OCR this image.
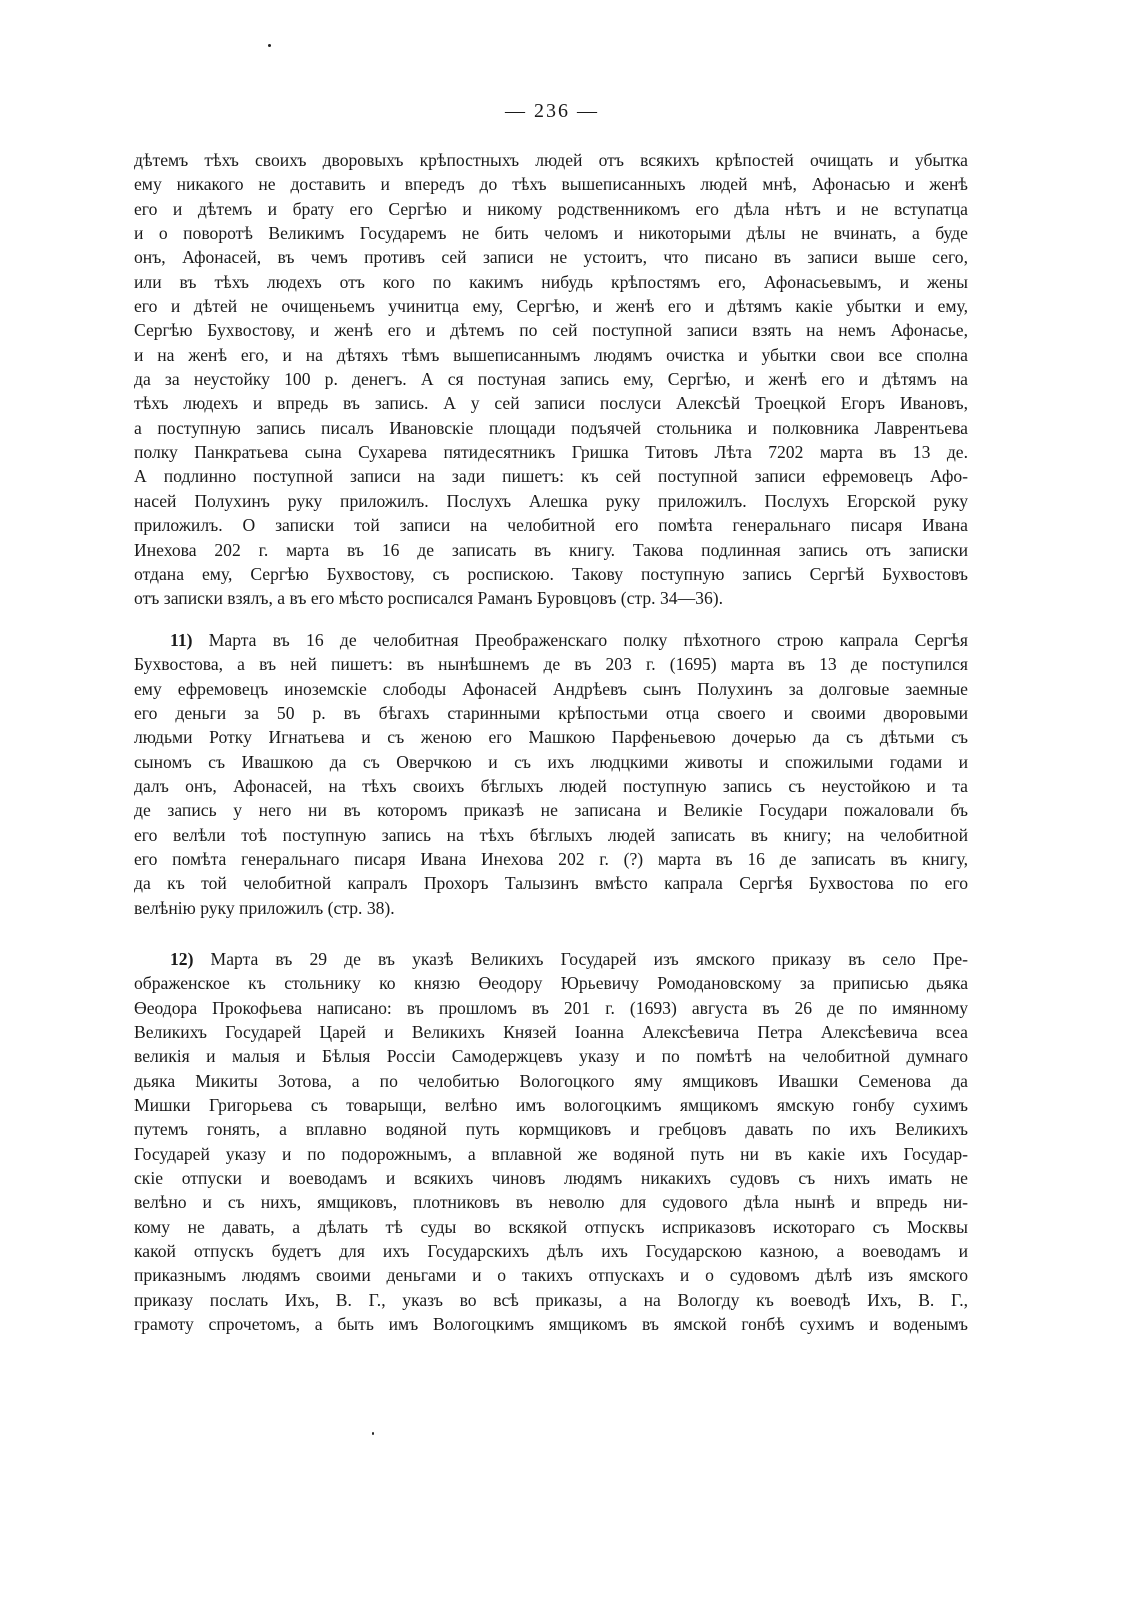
— 236 —
дѣтемъ тѣхъ своихъ дворовыхъ крѣпостныхъ людей отъ всякихъ крѣпостей очищать и убытка
ему никакого не доставить и впередъ до тѣхъ вышеписанныхъ людей мнѣ, Афонасью и женѣ
его и дѣтемъ и брату его Сергѣю и никому родственникомъ его дѣла нѣтъ и не вступатца
и о поворотѣ Великимъ Государемъ не бить челомъ и никоторыми дѣлы не вчинать, а буде
онъ, Афонасей, въ чемъ противъ сей записи не устоитъ, что писано въ записи выше сего,
или въ тѣхъ людехъ отъ кого по какимъ нибудь крѣпостямъ его, Афонасьевымъ, и жены
его и дѣтей не очищеньемъ учинитца ему, Сергѣю, и женѣ его и дѣтямъ какіе убытки и ему,
Сергѣю Бухвостову, и женѣ его и дѣтемъ по сей поступной записи взять на немъ Афонасье,
и на женѣ его, и на дѣтяхъ тѣмъ вышеписаннымъ людямъ очистка и убытки свои все сполна
да за неустойку 100 р. денегъ. А ся постуная запись ему, Сергѣю, и женѣ его и дѣтямъ на
тѣхъ людехъ и впредь въ запись. А у сей записи послуси Алексѣй Троецкой Егоръ Ивановъ,
а поступную запись писалъ Ивановскіе площади подъячей стольника и полковника Лаврентьева
полку Панкратьева сына Сухарева пятидесятникъ Гришка Титовъ Лѣта 7202 марта въ 13 де.
А подлинно поступной записи на зади пишетъ: къ сей поступной записи ефремовецъ Афо-
насей Полухинъ руку приложилъ. Послухъ Алешка руку приложилъ. Послухъ Егорской руку
приложилъ. О записки той записи на челобитной его помѣта генеральнаго писаря Ивана
Инехова 202 г. марта въ 16 де записать въ книгу. Такова подлинная запись отъ записки
отдана ему, Сергѣю Бухвостову, съ роспискою. Такову поступную запись Сергѣй Бухвостовъ
отъ записки взялъ, а въ его мѣсто росписался Раманъ Буровцовъ (стр. 34—36).
11) Марта въ 16 де челобитная Преображенскаго полку пѣхотного строю капрала Сергѣя
Бухвостова, а въ ней пишетъ: въ нынѣшнемъ де въ 203 г. (1695) марта въ 13 де поступился
ему ефремовецъ иноземскіе слободы Афонасей Андрѣевъ сынъ Полухинъ за долговые заемные
его деньги за 50 р. въ бѣгахъ старинными крѣпостьми отца своего и своими дворовыми
людьми Ротку Игнатьева и съ женою его Машкою Парфеньевою дочерью да съ дѣтьми съ
сыномъ съ Ивашкою да съ Оверчкою и съ ихъ людцкими животы и спожилыми годами и
далъ онъ, Афонасей, на тѣхъ своихъ бѣглыхъ людей поступную запись съ неустойкою и та
де запись у него ни въ которомъ приказѣ не записана и Великіе Государи пожаловали бъ
его велѣли тоѣ поступную запись на тѣхъ бѣглыхъ людей записать въ книгу; на челобитной
его помѣта генеральнаго писаря Ивана Инехова 202 г. (?) марта въ 16 де записать въ книгу,
да къ той челобитной капралъ Прохоръ Талызинъ вмѣсто капрала Сергѣя Бухвостова по его
велѣнію руку приложилъ (стр. 38).
12) Марта въ 29 де въ указѣ Великихъ Государей изъ ямского приказу въ село Пре-
ображенское къ стольнику ко князю Өеодору Юрьевичу Ромодановскому за приписью дьяка
Өеодора Прокофьева написано: въ прошломъ въ 201 г. (1693) августа въ 26 де по имянному
Великихъ Государей Царей и Великихъ Князей Іоанна Алексѣевича Петра Алексѣевича всеа
великія и малыя и Бѣлыя Россіи Самодержцевъ указу и по помѣтѣ на челобитной думнаго
дьяка Микиты Зотова, а по челобитью Вологоцкого яму ямщиковъ Ивашки Семенова да
Мишки Григорьева съ товарыщи, велѣно имъ вологоцкимъ ямщикомъ ямскую гонбу сухимъ
путемъ гонять, а вплавно водяной путь кормщиковъ и гребцовъ давать по ихъ Великихъ
Государей указу и по подорожнымъ, а вплавной же водяной путь ни въ какіе ихъ Государ-
скіе отпуски и воеводамъ и всякихъ чиновъ людямъ никакихъ судовъ съ нихъ имать не
велѣно и съ нихъ, ямщиковъ, плотниковъ въ неволю для судового дѣла нынѣ и впредь ни-
кому не давать, а дѣлать тѣ суды во вскякой отпускъ исприказовъ искотораго съ Москвы
какой отпускъ будетъ для ихъ Государскихъ дѣлъ ихъ Государскою казною, а воеводамъ и
приказнымъ людямъ своими деньгами и о такихъ отпускахъ и о судовомъ дѣлѣ изъ ямского
приказу послать Ихъ, В. Г., указъ во всѣ приказы, а на Вологду къ воеводѣ Ихъ, В. Г.,
грамоту спрочетомъ, а быть имъ Вологоцкимъ ямщикомъ въ ямской гонбѣ сухимъ и воденымъ
